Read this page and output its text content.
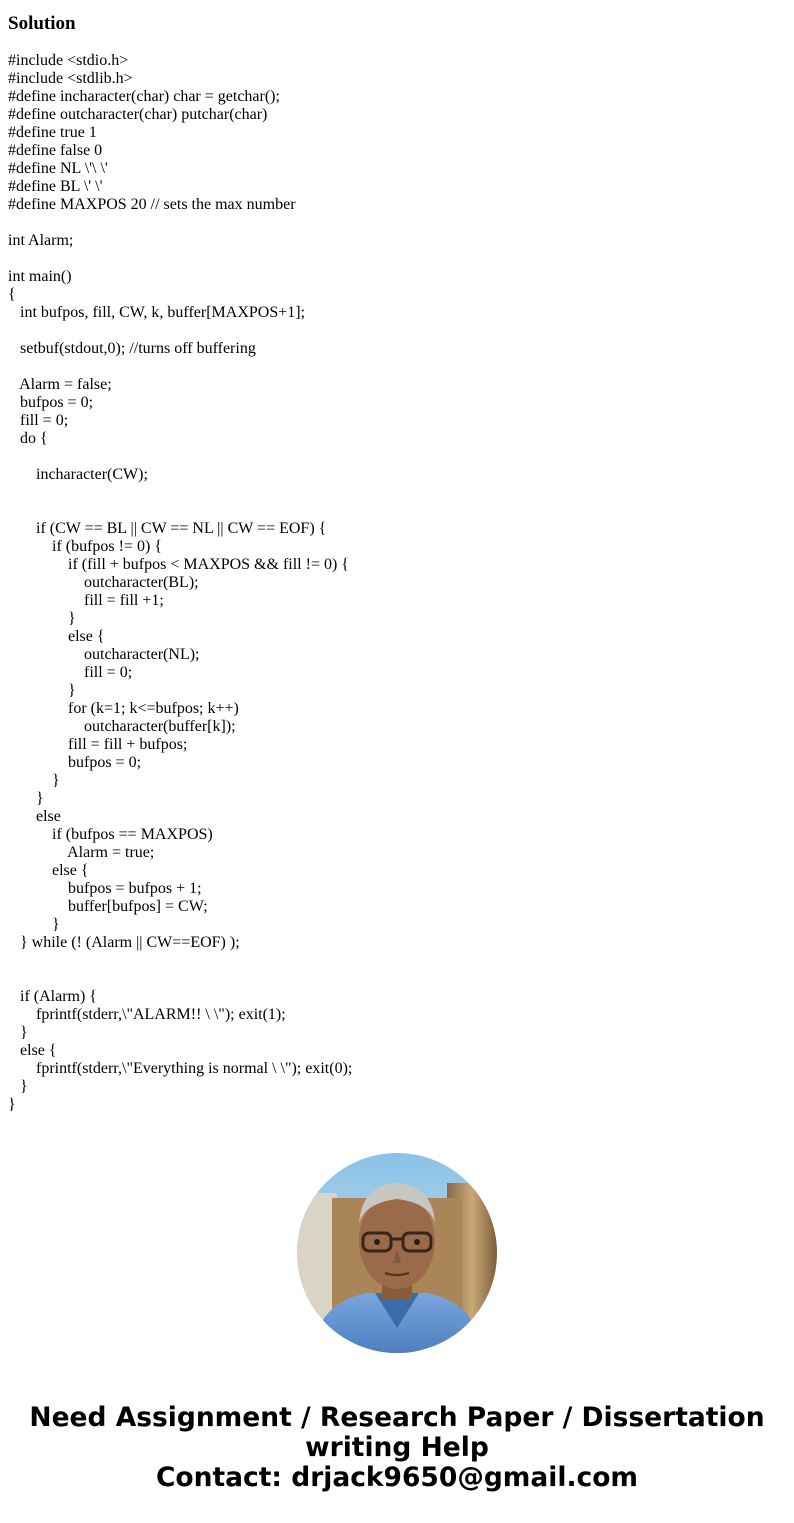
Solution
#include <stdio.h>
#include <stdlib.h>
#define incharacter(char) char = getchar();
#define outcharacter(char) putchar(char)
#define true 1
#define false 0
#define NL \'\ \'
#define BL \' \'
#define MAXPOS 20 // sets the max number
int Alarm;
int main()
{
int bufpos, fill, CW, k, buffer[MAXPOS+1];
setbuf(stdout,0); //turns off buffering
Alarm = false;
bufpos = 0;
fill = 0;
do {
incharacter(CW);
if (CW == BL || CW == NL || CW == EOF) {
if (bufpos != 0) {
if (fill + bufpos < MAXPOS && fill != 0) {
outcharacter(BL);
fill = fill +1;
}
else {
outcharacter(NL);
fill = 0;
}
for (k=1; k<=bufpos; k++)
outcharacter(buffer[k]);
fill = fill + bufpos;
bufpos = 0;
}
}
else
if (bufpos == MAXPOS)
Alarm = true;
else {
bufpos = bufpos + 1;
buffer[bufpos] = CW;
}
} while (! (Alarm || CW==EOF) );
if (Alarm) {
fprintf(stderr,\"ALARM!! \ \"); exit(1);
}
else {
fprintf(stderr,\"Everything is normal \ \"); exit(0);
}
}
Need Assignment / Research Paper / Dissertation
writing Help
Contact: drjack9650@gmail.com
